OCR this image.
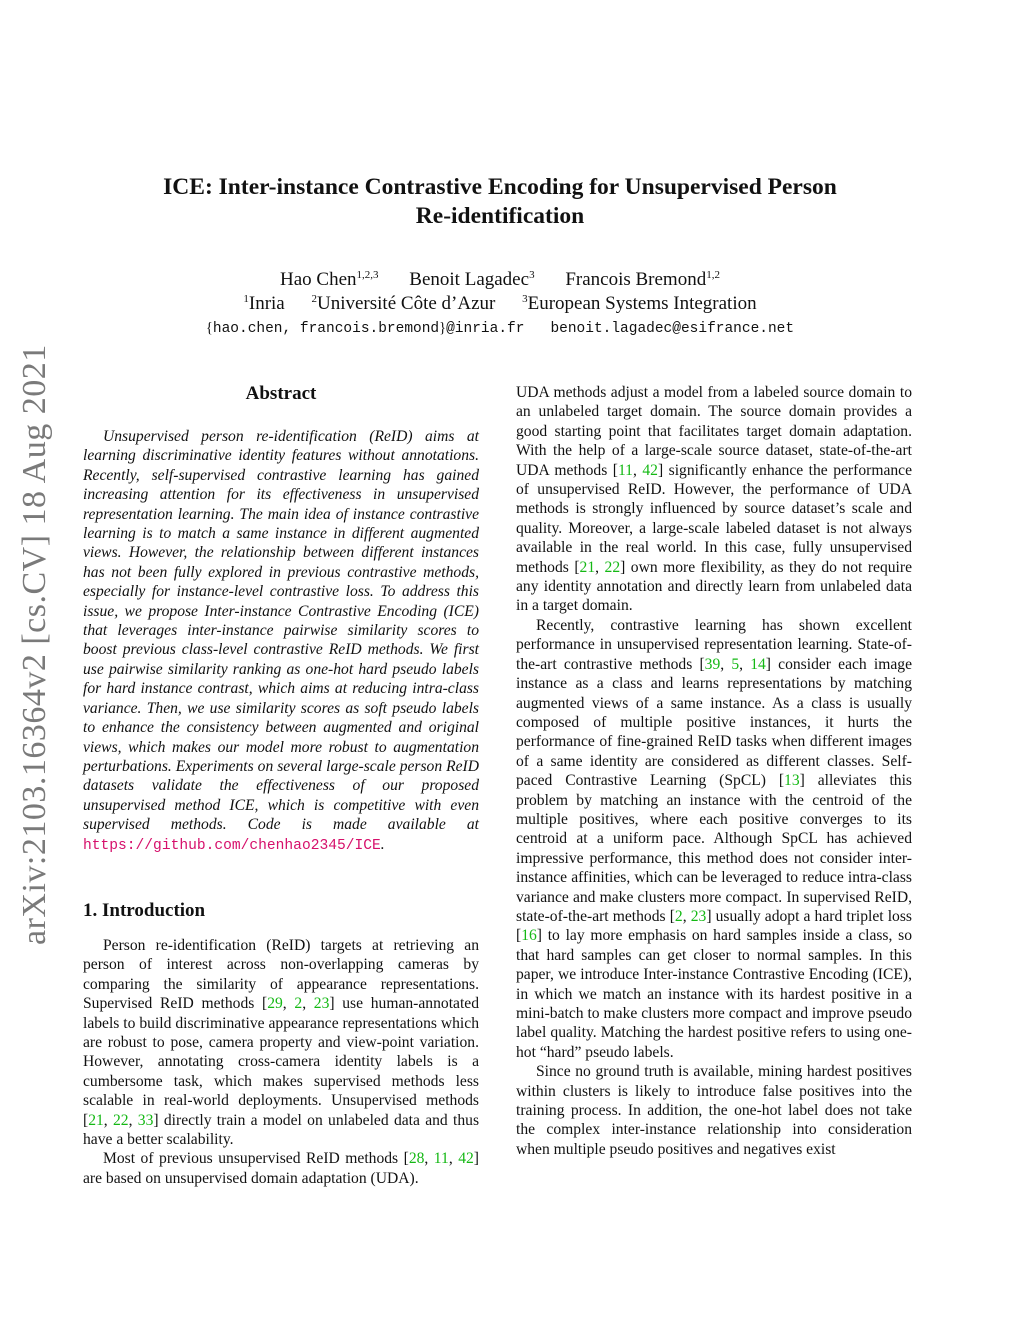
arXiv:2103.16364v2 [cs.CV] 18 Aug 2021
ICE: Inter-instance Contrastive Encoding for Unsupervised Person
Re-identification
Hao Chen$^{1,2,3}$ Benoit Lagadec$^3$ Francois Bremond$^{1,2}$
$^1$Inria $^2$Université Côte d’Azur $^3$European Systems Integration
{hao.chen, francois.bremond}@inria.fr benoit.lagadec@esifrance.net
Abstract

Unsupervised person re-identification (ReID) aims at learning discriminative identity features without annotations. Recently, self-supervised contrastive learning has gained increasing attention for its effectiveness in unsupervised representation learning. The main idea of instance contrastive learning is to match a same instance in different augmented views. However, the relationship between different instances has not been fully explored in previous contrastive methods, especially for instance-level contrastive loss. To address this issue, we propose Inter-instance Contrastive Encoding (ICE) that leverages inter-instance pairwise similarity scores to boost previous class-level contrastive ReID methods. We first use pairwise similarity ranking as one-hot hard pseudo labels for hard instance contrast, which aims at reducing intra-class variance. Then, we use similarity scores as soft pseudo labels to enhance the consistency between augmented and original views, which makes our model more robust to augmentation perturbations. Experiments on several large-scale person ReID datasets validate the effectiveness of our proposed unsupervised method ICE, which is competitive with even supervised methods. Code is made available at https://github.com/chenhao2345/ICE.

1. Introduction

Person re-identification (ReID) targets at retrieving an person of interest across non-overlapping cameras by comparing the similarity of appearance representations. Supervised ReID methods [29, 2, 23] use human-annotated labels to build discriminative appearance representations which are robust to pose, camera property and view-point variation. However, annotating cross-camera identity labels is a cumbersome task, which makes supervised methods less scalable in real-world deployments. Unsupervised methods [21, 22, 33] directly train a model on unlabeled data and thus have a better scalability.

Most of previous unsupervised ReID methods [28, 11, 42] are based on unsupervised domain adaptation (UDA).

UDA methods adjust a model from a labeled source domain to an unlabeled target domain. The source domain provides a good starting point that facilitates target domain adaptation. With the help of a large-scale source dataset, state-of-the-art UDA methods [11, 42] significantly enhance the performance of unsupervised ReID. However, the performance of UDA methods is strongly influenced by source dataset’s scale and quality. Moreover, a large-scale labeled dataset is not always available in the real world. In this case, fully unsupervised methods [21, 22] own more flexibility, as they do not require any identity annotation and directly learn from unlabeled data in a target domain.

Recently, contrastive learning has shown excellent performance in unsupervised representation learning. State-of-the-art contrastive methods [39, 5, 14] consider each image instance as a class and learns representations by matching augmented views of a same instance. As a class is usually composed of multiple positive instances, it hurts the performance of fine-grained ReID tasks when different images of a same identity are considered as different classes. Self-paced Contrastive Learning (SpCL) [13] alleviates this problem by matching an instance with the centroid of the multiple positives, where each positive converges to its centroid at a uniform pace. Although SpCL has achieved impressive performance, this method does not consider inter-instance affinities, which can be leveraged to reduce intra-class variance and make clusters more compact. In supervised ReID, state-of-the-art methods [2, 23] usually adopt a hard triplet loss [16] to lay more emphasis on hard samples inside a class, so that hard samples can get closer to normal samples. In this paper, we introduce Inter-instance Contrastive Encoding (ICE), in which we match an instance with its hardest positive in a mini-batch to make clusters more compact and improve pseudo label quality. Matching the hardest positive refers to using one-hot “hard” pseudo labels.

Since no ground truth is available, mining hardest positives within clusters is likely to introduce false positives into the training process. In addition, the one-hot label does not take the complex inter-instance relationship into consideration when multiple pseudo positives and negatives exist
